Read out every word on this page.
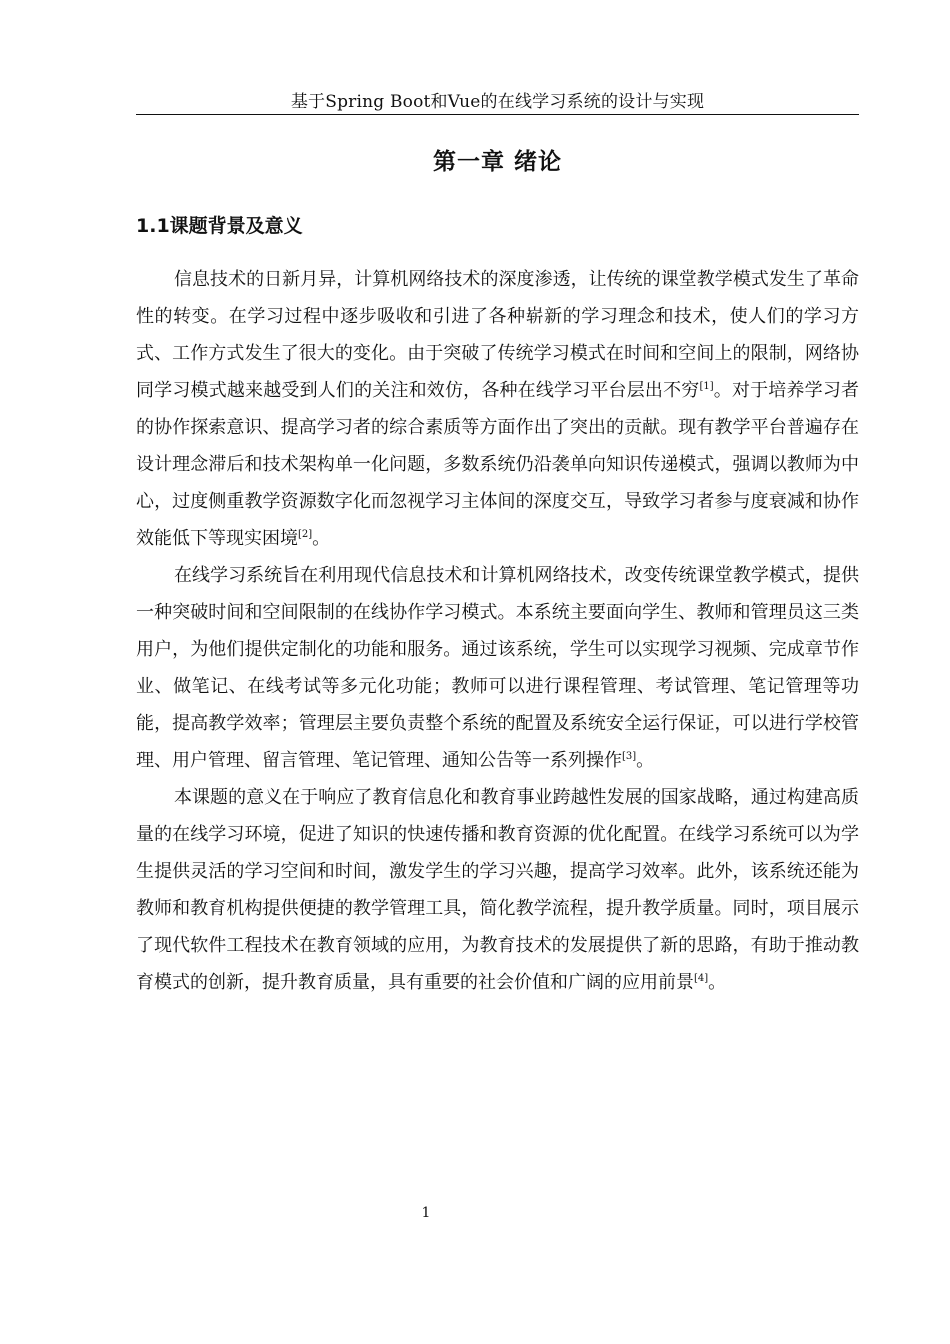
基于Spring Boot和Vue的在线学习系统的设计与实现
第一章 绪论
1.1课题背景及意义

信息技术的日新月异，计算机网络技术的深度渗透，让传统的课堂教学模式发生了革命性的转变。在学习过程中逐步吸收和引进了各种崭新的学习理念和技术，使人们的学习方式、工作方式发生了很大的变化。由于突破了传统学习模式在时间和空间上的限制，网络协同学习模式越来越受到人们的关注和效仿，各种在线学习平台层出不穷[1]。对于培养学习者的协作探索意识、提高学习者的综合素质等方面作出了突出的贡献。现有教学平台普遍存在设计理念滞后和技术架构单一化问题，多数系统仍沿袭单向知识传递模式，强调以教师为中心，过度侧重教学资源数字化而忽视学习主体间的深度交互，导致学习者参与度衰减和协作效能低下等现实困境[2]。

在线学习系统旨在利用现代信息技术和计算机网络技术，改变传统课堂教学模式，提供一种突破时间和空间限制的在线协作学习模式。本系统主要面向学生、教师和管理员这三类用户，为他们提供定制化的功能和服务。通过该系统，学生可以实现学习视频、完成章节作业、做笔记、在线考试等多元化功能；教师可以进行课程管理、考试管理、笔记管理等功能，提高教学效率；管理层主要负责整个系统的配置及系统安全运行保证，可以进行学校管理、用户管理、留言管理、笔记管理、通知公告等一系列操作[3]。

本课题的意义在于响应了教育信息化和教育事业跨越性发展的国家战略，通过构建高质量的在线学习环境，促进了知识的快速传播和教育资源的优化配置。在线学习系统可以为学生提供灵活的学习空间和时间，激发学生的学习兴趣，提高学习效率。此外，该系统还能为教师和教育机构提供便捷的教学管理工具，简化教学流程，提升教学质量。同时，项目展示了现代软件工程技术在教育领域的应用，为教育技术的发展提供了新的思路，有助于推动教育模式的创新，提升教育质量，具有重要的社会价值和广阔的应用前景[4]。

1
